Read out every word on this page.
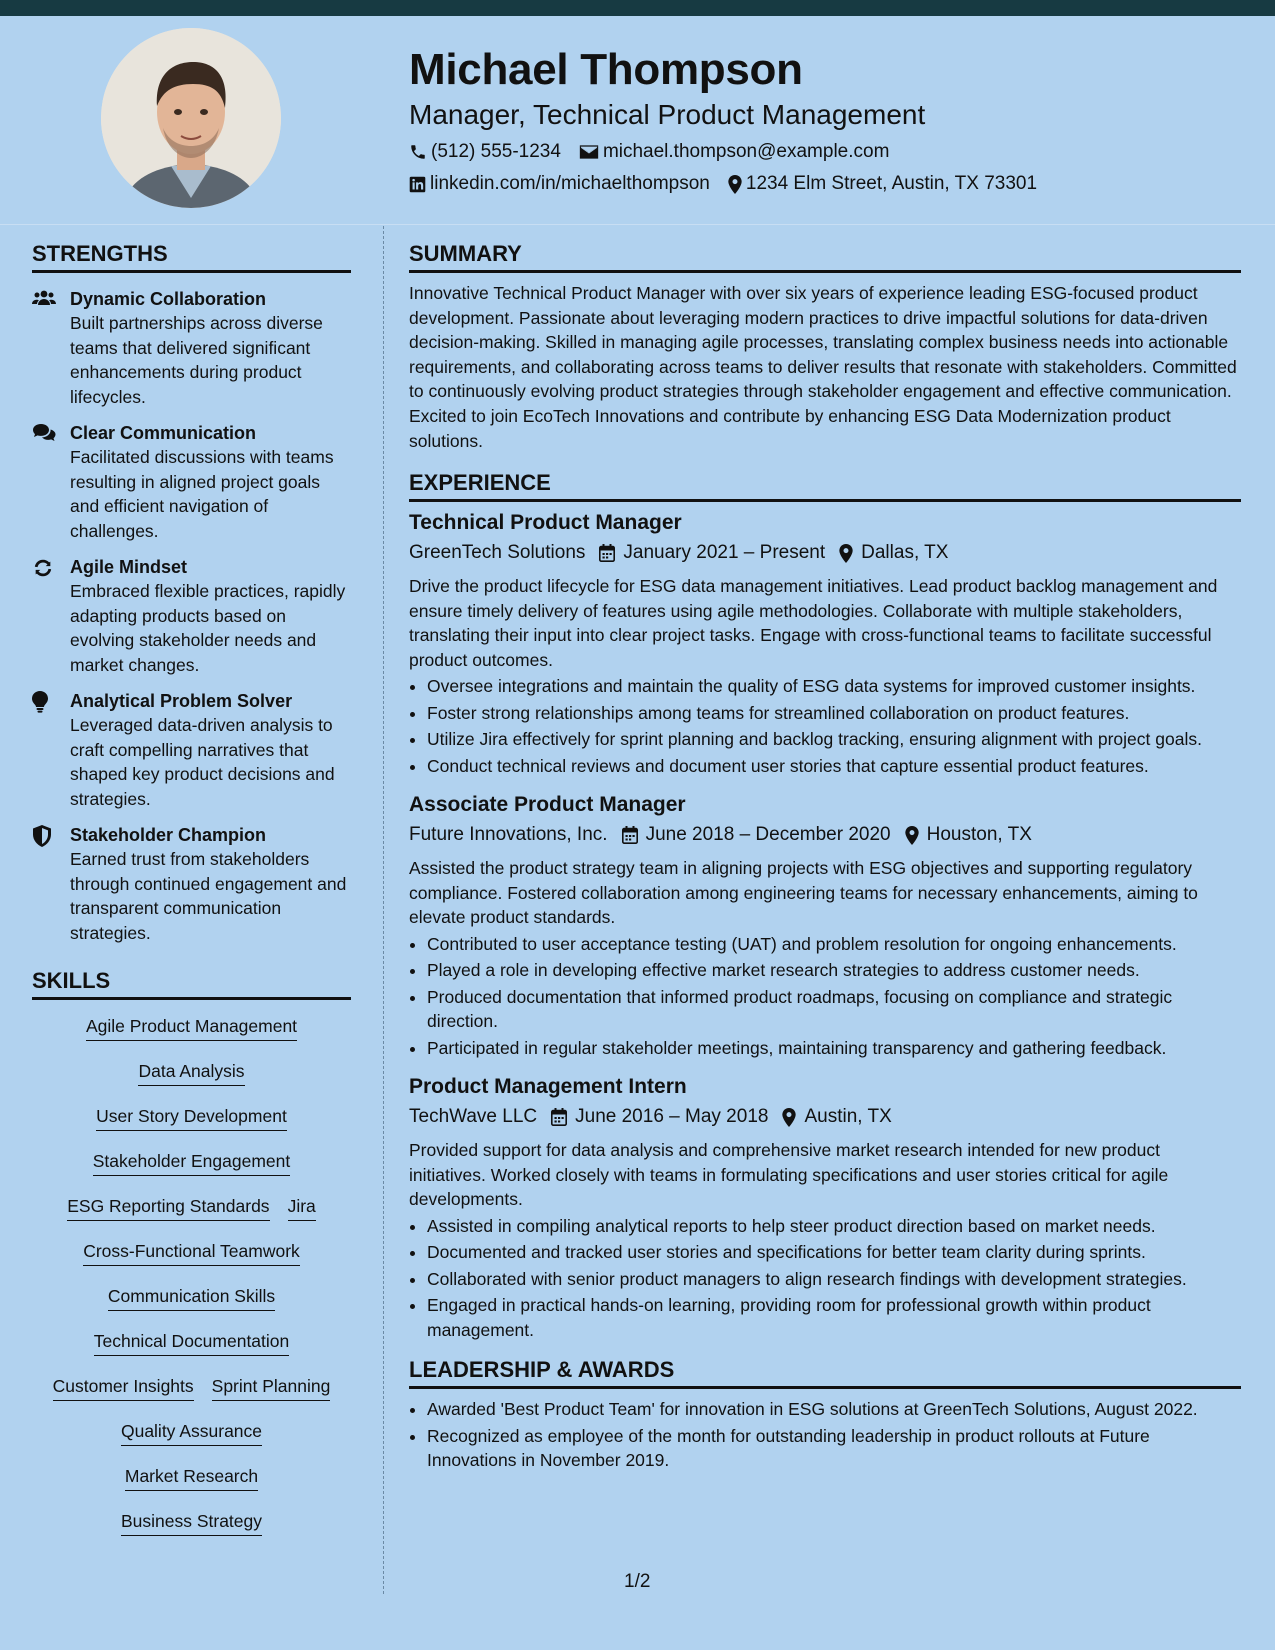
Michael Thompson
Manager, Technical Product Management
(512) 555-1234 michael.thompson@example.com
linkedin.com/in/michaelthompson 1234 Elm Street, Austin, TX 73301
STRENGTHS
Dynamic Collaboration
Built partnerships across diverse teams that delivered significant enhancements during product lifecycles.
Clear Communication
Facilitated discussions with teams resulting in aligned project goals and efficient navigation of challenges.
Agile Mindset
Embraced flexible practices, rapidly adapting products based on evolving stakeholder needs and market changes.
Analytical Problem Solver
Leveraged data-driven analysis to craft compelling narratives that shaped key product decisions and strategies.
Stakeholder Champion
Earned trust from stakeholders through continued engagement and transparent communication strategies.
SKILLS
Agile Product Management
Data Analysis
User Story Development
Stakeholder Engagement
ESG Reporting Standards Jira
Cross-Functional Teamwork
Communication Skills
Technical Documentation
Customer Insights Sprint Planning
Quality Assurance
Market Research
Business Strategy
SUMMARY

Innovative Technical Product Manager with over six years of experience leading ESG-focused product development. Passionate about leveraging modern practices to drive impactful solutions for data-driven decision-making. Skilled in managing agile processes, translating complex business needs into actionable requirements, and collaborating across teams to deliver results that resonate with stakeholders. Committed to continuously evolving product strategies through stakeholder engagement and effective communication. Excited to join EcoTech Innovations and contribute by enhancing ESG Data Modernization product solutions.

EXPERIENCE
Technical Product Manager
GreenTech Solutions January 2021 – Present Dallas, TX

Drive the product lifecycle for ESG data management initiatives. Lead product backlog management and ensure timely delivery of features using agile methodologies. Collaborate with multiple stakeholders, translating their input into clear project tasks. Engage with cross-functional teams to facilitate successful product outcomes.

• Oversee integrations and maintain the quality of ESG data systems for improved customer insights.
• Foster strong relationships among teams for streamlined collaboration on product features.
• Utilize Jira effectively for sprint planning and backlog tracking, ensuring alignment with project goals.
• Conduct technical reviews and document user stories that capture essential product features.
Associate Product Manager
Future Innovations, Inc. June 2018 – December 2020 Houston, TX

Assisted the product strategy team in aligning projects with ESG objectives and supporting regulatory compliance. Fostered collaboration among engineering teams for necessary enhancements, aiming to elevate product standards.

• Contributed to user acceptance testing (UAT) and problem resolution for ongoing enhancements.
• Played a role in developing effective market research strategies to address customer needs.
• Produced documentation that informed product roadmaps, focusing on compliance and strategic direction.
• Participated in regular stakeholder meetings, maintaining transparency and gathering feedback.
Product Management Intern
TechWave LLC June 2016 – May 2018 Austin, TX

Provided support for data analysis and comprehensive market research intended for new product initiatives. Worked closely with teams in formulating specifications and user stories critical for agile developments.

• Assisted in compiling analytical reports to help steer product direction based on market needs.
• Documented and tracked user stories and specifications for better team clarity during sprints.
• Collaborated with senior product managers to align research findings with development strategies.
• Engaged in practical hands-on learning, providing room for professional growth within product management.
LEADERSHIP & AWARDS
• Awarded 'Best Product Team' for innovation in ESG solutions at GreenTech Solutions, August 2022.
• Recognized as employee of the month for outstanding leadership in product rollouts at Future Innovations in November 2019.
1/2
